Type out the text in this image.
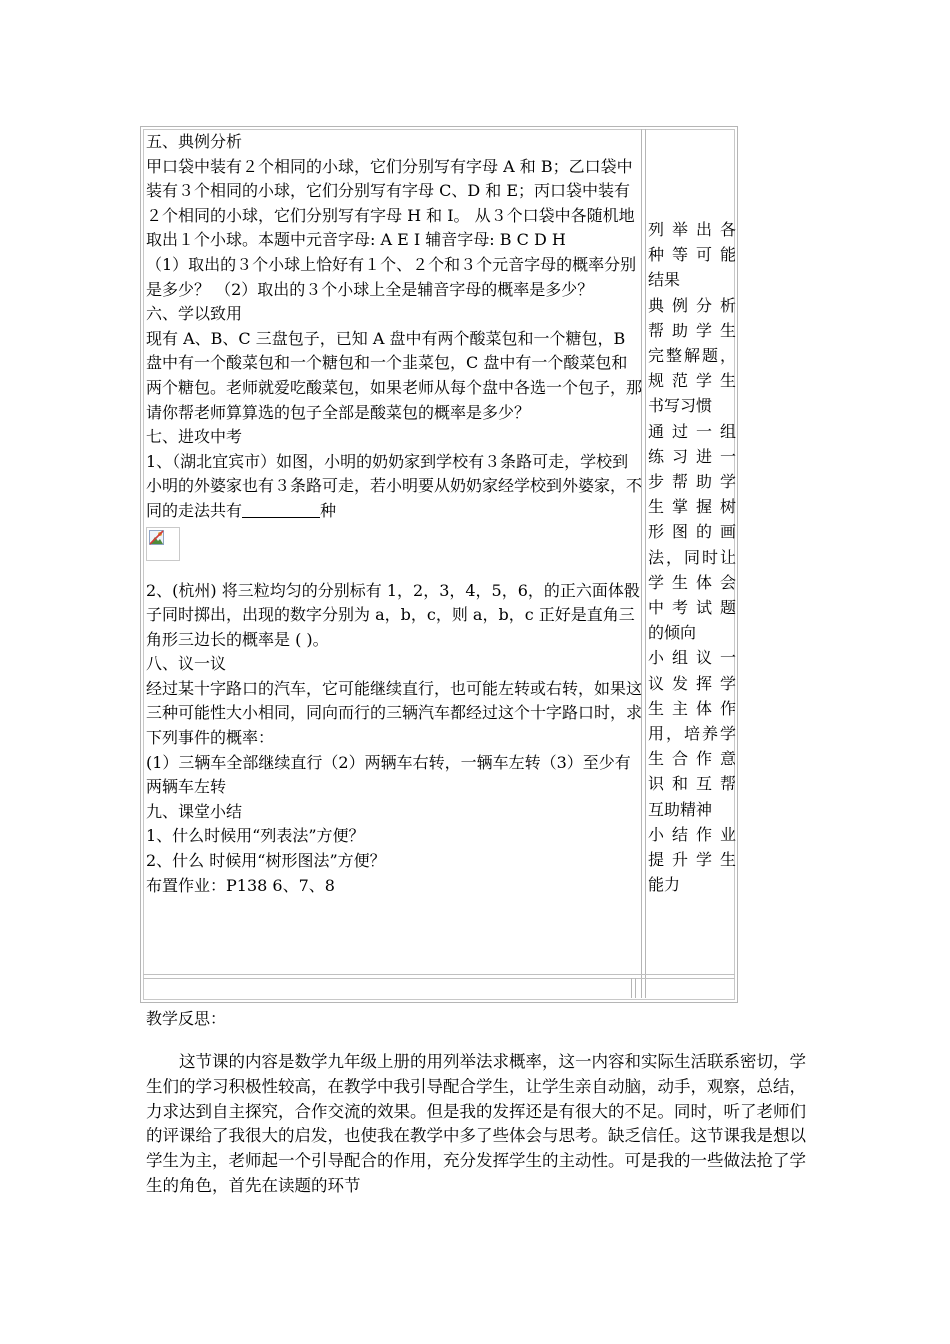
五、典例分析

甲口袋中装有２个相同的小球，它们分别写有字母 A 和 B；乙口袋中装有３个相同的小球，它们分别写有字母 C、D 和 E；丙口袋中装有２个相同的小球，它们分别写有字母 H 和 I。 从３个口袋中各随机地取出１个小球。本题中元音字母: A E I 辅音字母: B C D H

（1）取出的３个小球上恰好有１个、２个和３个元音字母的概率分别是多少？ （2）取出的３个小球上全是辅音字母的概率是多少？

六、学以致用

现有 A、B、C 三盘包子，已知 A 盘中有两个酸菜包和一个糖包，B 盘中有一个酸菜包和一个糖包和一个韭菜包，C 盘中有一个酸菜包和两个糖包。老师就爱吃酸菜包，如果老师从每个盘中各选一个包子，那请你帮老师算算选的包子全部是酸菜包的概率是多少？

七、进攻中考

1、（湖北宜宾市）如图，小明的奶奶家到学校有３条路可走，学校到小明的外婆家也有３条路可走，若小明要从奶奶家经学校到外婆家，不同的走法共有	种

2、(杭州) 将三粒均匀的分别标有 1，2，3，4，5，6，的正六面体骰子同时掷出，出现的数字分别为 a，b，c，则 a，b，c 正好是直角三角形三边长的概率是 ( )。

八、议一议

经过某十字路口的汽车，它可能继续直行，也可能左转或右转，如果这三种可能性大小相同，同向而行的三辆汽车都经过这个十字路口时，求下列事件的概率：

(1）三辆车全部继续直行（2）两辆车右转，一辆车左转（3）至少有两辆车左转

九、课堂小结

1、什么时候用“列表法”方便？

2、什么 时候用“树形图法”方便？

布置作业：P138 6、7、8

列举出各

种等可能

结果

典例分析

帮助学生

完整解题，

规范学生

书写习惯

通过一组

练习进一

步帮助学

生掌握树

形图的画

法，同时让

学生体会

中考试题

的倾向

小组议一

议发挥学

生主体作

用，培养学

生合作意

识和互帮

互助精神

小结作业

提升学生

能力

教学反思：

这节课的内容是数学九年级上册的用列举法求概率，这一内容和实际生活联系密切，学生们的学习积极性较高，在教学中我引导配合学生，让学生亲自动脑，动手，观察，总结，力求达到自主探究，合作交流的效果。但是我的发挥还是有很大的不足。同时，听了老师们的评课给了我很大的启发，也使我在教学中多了些体会与思考。缺乏信任。这节课我是想以学生为主，老师起一个引导配合的作用，充分发挥学生的主动性。可是我的一些做法抢了学生的角色，首先在读题的环节
